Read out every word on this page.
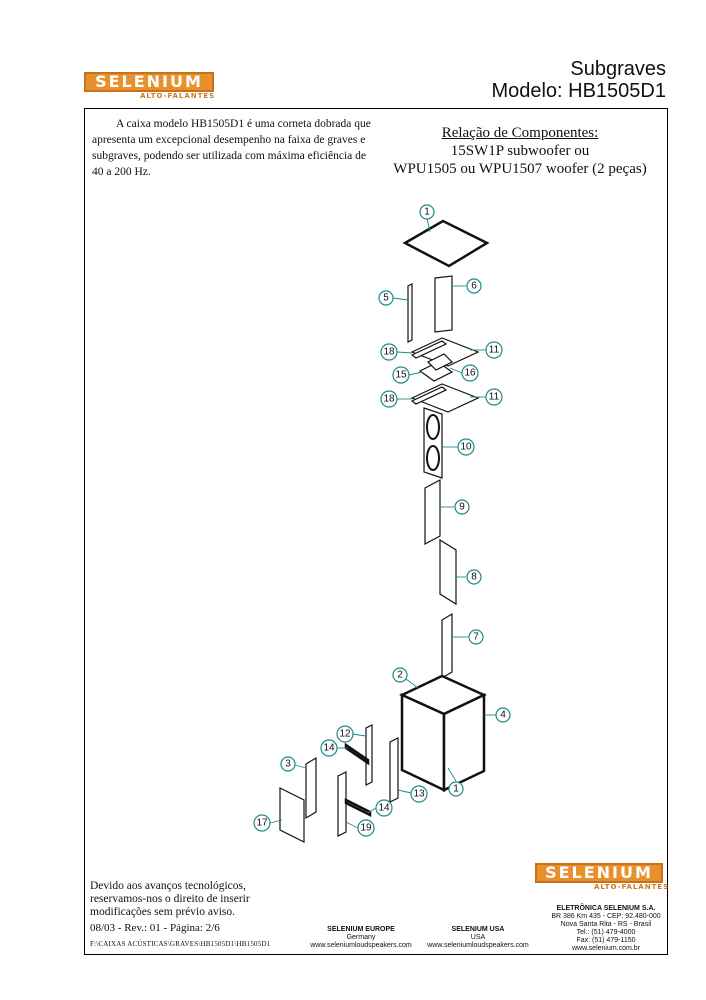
SELENIUM
ALTO-FALANTES
Subgraves
Modelo: HB1505D1
A caixa modelo HB1505D1 é uma corneta dobrada que
apresenta um excepcional desempenho na faixa de graves e
subgraves, podendo ser utilizada com máxima eficiência de
40 a 200 Hz.
Relação de Componentes:
15SW1P subwoofer ou
WPU1505 ou WPU1507 woofer (2 peças)
1
6
5
18	11
15	16
18	11
10
9
8
7
2
4
12
14
3
13	1
14
17	19
Devido aos avanços tecnológicos,
reservamos-nos o direito de inserir
modificações sem prévio aviso.
08/03 - Rev.: 01 - Página: 2/6
F:\CAIXAS ACÚSTICAS\GRAVES\HB1505D1\HB1505D1
SELENIUM EUROPE
Germany
www.seleniumloudspeakers.com
SELENIUM USA
USA
www.seleniumloudspeakers.com
SELENIUM
ALTO-FALANTES
ELETRÔNICA SELENIUM S.A.
BR 386 Km 435 - CEP: 92.480-000
Nova Santa Rita - RS - Brasil
Tel.: (51) 479-4000
Fax: (51) 479-1150
www.selenium.com.br
